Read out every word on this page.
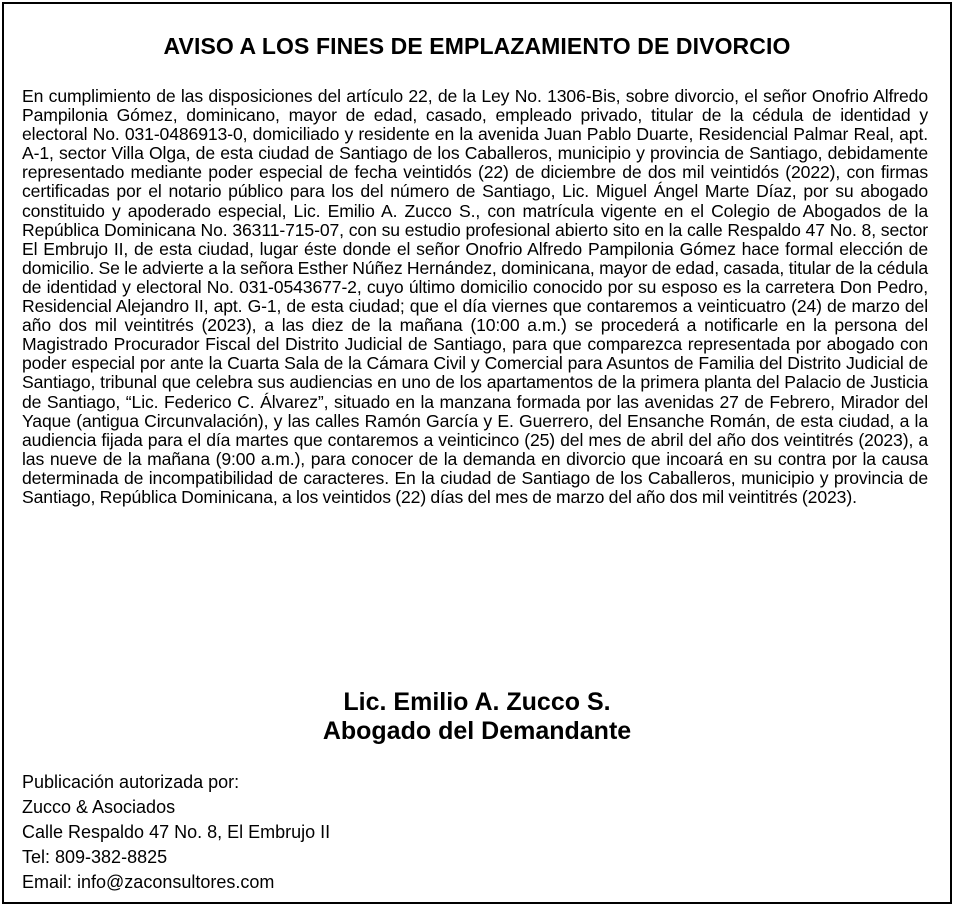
AVISO A LOS FINES DE EMPLAZAMIENTO DE DIVORCIO

En cumplimiento de las disposiciones del artículo 22, de la Ley No. 1306-Bis, sobre divorcio, el señor Onofrio Alfredo Pampilonia Gómez, dominicano, mayor de edad, casado, empleado privado, titular de la cédula de identidad y electoral No. 031-0486913-0, domiciliado y residente en la avenida Juan Pablo Duarte, Residencial Palmar Real, apt. A-1, sector Villa Olga, de esta ciudad de Santiago de los Caballeros, municipio y provincia de Santiago, debidamente representado mediante poder especial de fecha veintidós (22) de diciembre de dos mil veintidós (2022), con firmas certificadas por el notario público para los del número de Santiago, Lic. Miguel Ángel Marte Díaz, por su abogado constituido y apoderado especial, Lic. Emilio A. Zucco S., con matrícula vigente en el Colegio de Abogados de la República Dominicana No. 36311-715-07, con su estudio profesional abierto sito en la calle Respaldo 47 No. 8, sector El Embrujo II, de esta ciudad, lugar éste donde el señor Onofrio Alfredo Pampilonia Gómez hace formal elección de domicilio. Se le advierte a la señora Esther Núñez Hernández, dominicana, mayor de edad, casada, titular de la cédula de identidad y electoral No. 031-0543677-2, cuyo último domicilio conocido por su esposo es la carretera Don Pedro, Residencial Alejandro II, apt. G-1, de esta ciudad; que el día viernes que contaremos a veinticuatro (24) de marzo del año dos mil veintitrés (2023), a las diez de la mañana (10:00 a.m.) se procederá a notificarle en la persona del Magistrado Procurador Fiscal del Distrito Judicial de Santiago, para que comparezca representada por abogado con poder especial por ante la Cuarta Sala de la Cámara Civil y Comercial para Asuntos de Familia del Distrito Judicial de Santiago, tribunal que celebra sus audiencias en uno de los apartamentos de la primera planta del Palacio de Justicia de Santiago, “Lic. Federico C. Álvarez”, situado en la manzana formada por las avenidas 27 de Febrero, Mirador del Yaque (antigua Circunvalación), y las calles Ramón García y E. Guerrero, del Ensanche Román, de esta ciudad, a la audiencia fijada para el día martes que contaremos a veinticinco (25) del mes de abril del año dos veintitrés (2023), a las nueve de la mañana (9:00 a.m.), para conocer de la demanda en divorcio que incoará en su contra por la causa determinada de incompatibilidad de caracteres. En la ciudad de Santiago de los Caballeros, municipio y provincia de Santiago, República Dominicana, a los veintidos (22) días del mes de marzo del año dos mil veintitrés (2023).

Lic. Emilio A. Zucco S.
Abogado del Demandante
Publicación autorizada por:
Zucco & Asociados
Calle Respaldo 47 No. 8, El Embrujo II
Tel: 809-382-8825
Email: info@zaconsultores.com
